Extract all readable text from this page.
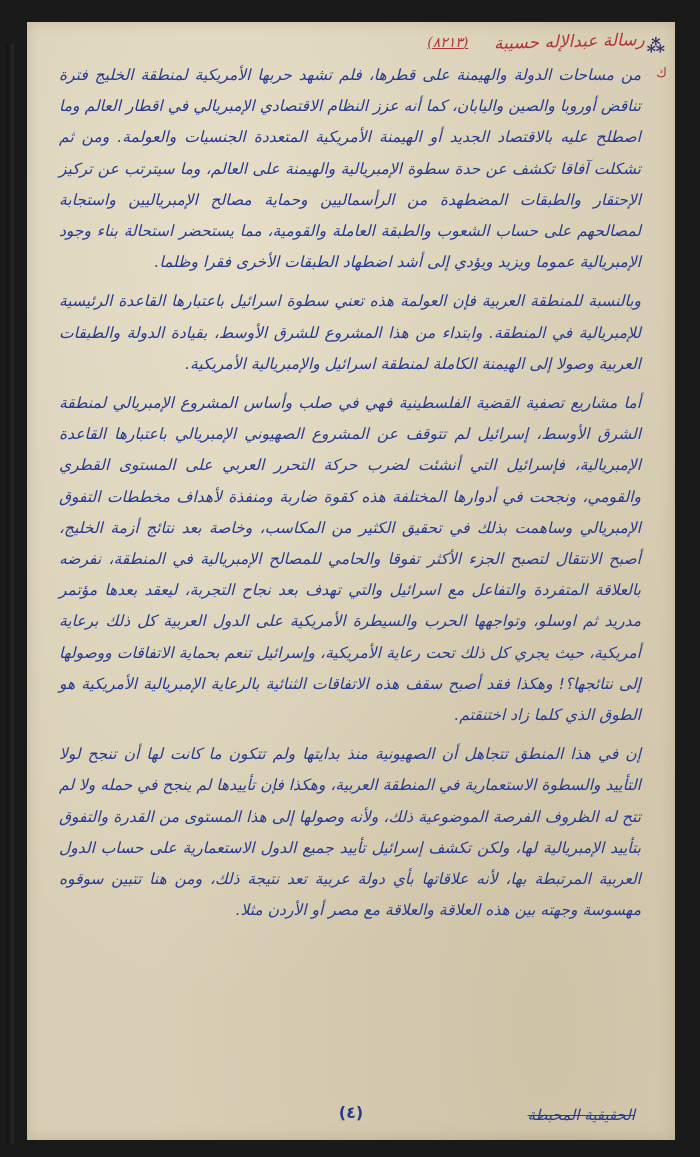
⁂
ك
رسالة عبدالإله حسيبة
(٨٢١٣)

من مساحات الدولة والهيمنة على قطرها، فلم تشهد حربها الأمريكية لمنطقة الخليج فترة تناقض أوروبا والصين واليابان، كما أنه عزز النظام الاقتصادي الإمبريالي في اقطار العالم وما اصطلح عليه بالاقتصاد الجديد أو الهيمنة الأمريكية المتعددة الجنسيات والعولمة. ومن ثم تشكلت آفاقا تكشف عن حدة سطوة الإمبريالية والهيمنة على العالم، وما سيترتب عن تركيز الإحتقار والطبقات المضطهدة من الرأسماليين وحماية مصالح الإمبرياليين واستجابة لمصالحهم على حساب الشعوب والطبقة العاملة والقومية، مما يستحضر استحالة بناء وجود الإمبريالية عموما ويزيد ويؤدي إلى أشد اضطهاد الطبقات الأخرى فقرا وظلما.

وبالنسبة للمنطقة العربية فإن العولمة هذه تعني سطوة اسرائيل باعتبارها القاعدة الرئيسية للإمبريالية في المنطقة. وابتداء من هذا المشروع للشرق الأوسط، بقيادة الدولة والطبقات العربية وصولا إلى الهيمنة الكاملة لمنطقة اسرائيل والإمبريالية الأمريكية.

أما مشاريع تصفية القضية الفلسطينية فهي في صلب وأساس المشروع الإمبريالي لمنطقة الشرق الأوسط، إسرائيل لم تتوقف عن المشروع الصهيوني الإمبريالي باعتبارها القاعدة الإمبريالية، فإسرائيل التي أنشئت لضرب حركة التحرر العربي على المستوى القطري والقومي، ونجحت في أدوارها المختلفة هذه كقوة ضاربة ومنفذة لأهداف مخططات التفوق الإمبريالي وساهمت بذلك في تحقيق الكثير من المكاسب، وخاصة بعد نتائج أزمة الخليج، أصبح الانتقال لتصبح الجزء الأكثر تفوقا والحامي للمصالح الإمبريالية في المنطقة، نفرضه بالعلاقة المتفردة والتفاعل مع اسرائيل والتي تهدف بعد نجاح التجربة، ليعقد بعدها مؤتمر مدريد ثم اوسلو، وتواجهها الحرب والسيطرة الأمريكية على الدول العربية كل ذلك برعاية أمريكية، حيث يجري كل ذلك تحت رعاية الأمريكية، وإسرائيل تنعم بحماية الاتفاقات ووصولها إلى نتائجها؟! وهكذا فقد أصبح سقف هذه الاتفاقات الثنائية بالرعاية الإمبريالية الأمريكية هو الطوق الذي كلما زاد اختنقتم.

إن في هذا المنطق تتجاهل أن الصهيونية منذ بدايتها ولم تتكون ما كانت لها أن تنجح لولا التأييد والسطوة الاستعمارية في المنطقة العربية، وهكذا فإن تأييدها لم ينجح في حمله ولا لم تتح له الظروف الفرصة الموضوعية ذلك، ولأنه وصولها إلى هذا المستوى من القدرة والتفوق بتأييد الإمبريالية لها، ولكن تكشف إسرائيل تأييد جميع الدول الاستعمارية على حساب الدول العربية المرتبطة بها، لأنه علاقاتها بأي دولة عربية تعد نتيجة ذلك، ومن هنا تتبين سوقوه مهسوسة وجهته بين هذه العلاقة والعلاقة مع مصر أو الأردن مثلا.

(٤)	الحقيقية المحبطة
